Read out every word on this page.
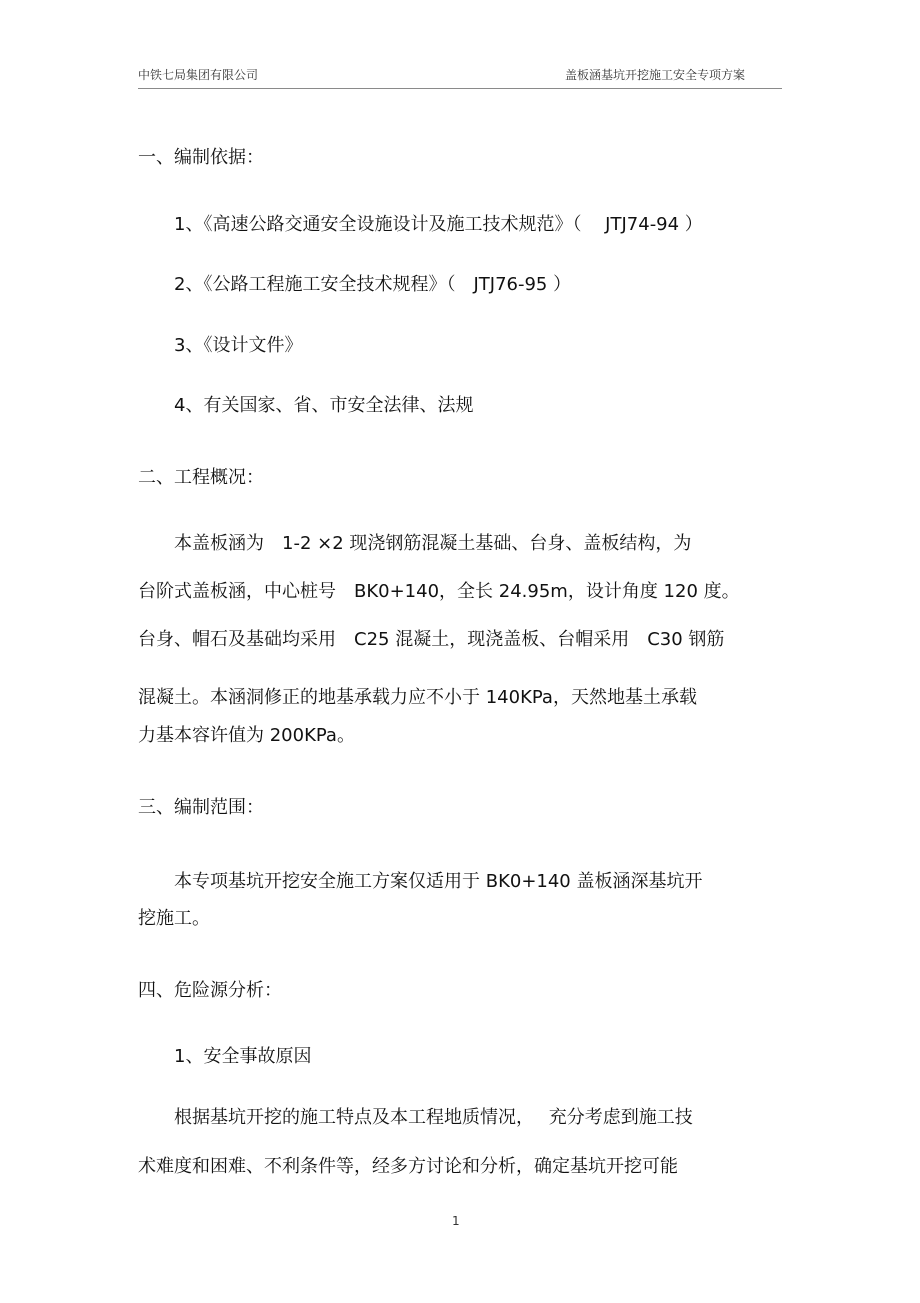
中铁七局集团有限公司	盖板涵基坑开挖施工安全专项方案
一、编制依据：
1、《高速公路交通安全设施设计及施工技术规范》（　 JTJ74-94 ）
2、《公路工程施工安全技术规程》（　JTJ76-95 ）
3、《设计文件》
4、有关国家、省、市安全法律、法规
二、工程概况：
本盖板涵为　1-2 ×2 现浇钢筋混凝土基础、台身、盖板结构，为
台阶式盖板涵，中心桩号　BK0+140，全长 24.95m，设计角度 120 度。
台身、帽石及基础均采用　C25 混凝土，现浇盖板、台帽采用　C30 钢筋
混凝土。本涵洞修正的地基承载力应不小于 140KPa，天然地基土承载
力基本容许值为 200KPa。
三、编制范围：
本专项基坑开挖安全施工方案仅适用于 BK0+140 盖板涵深基坑开
挖施工。
四、危险源分析：
1、安全事故原因
根据基坑开挖的施工特点及本工程地质情况，　 充分考虑到施工技
术难度和困难、不利条件等，经多方讨论和分析，确定基坑开挖可能
1
